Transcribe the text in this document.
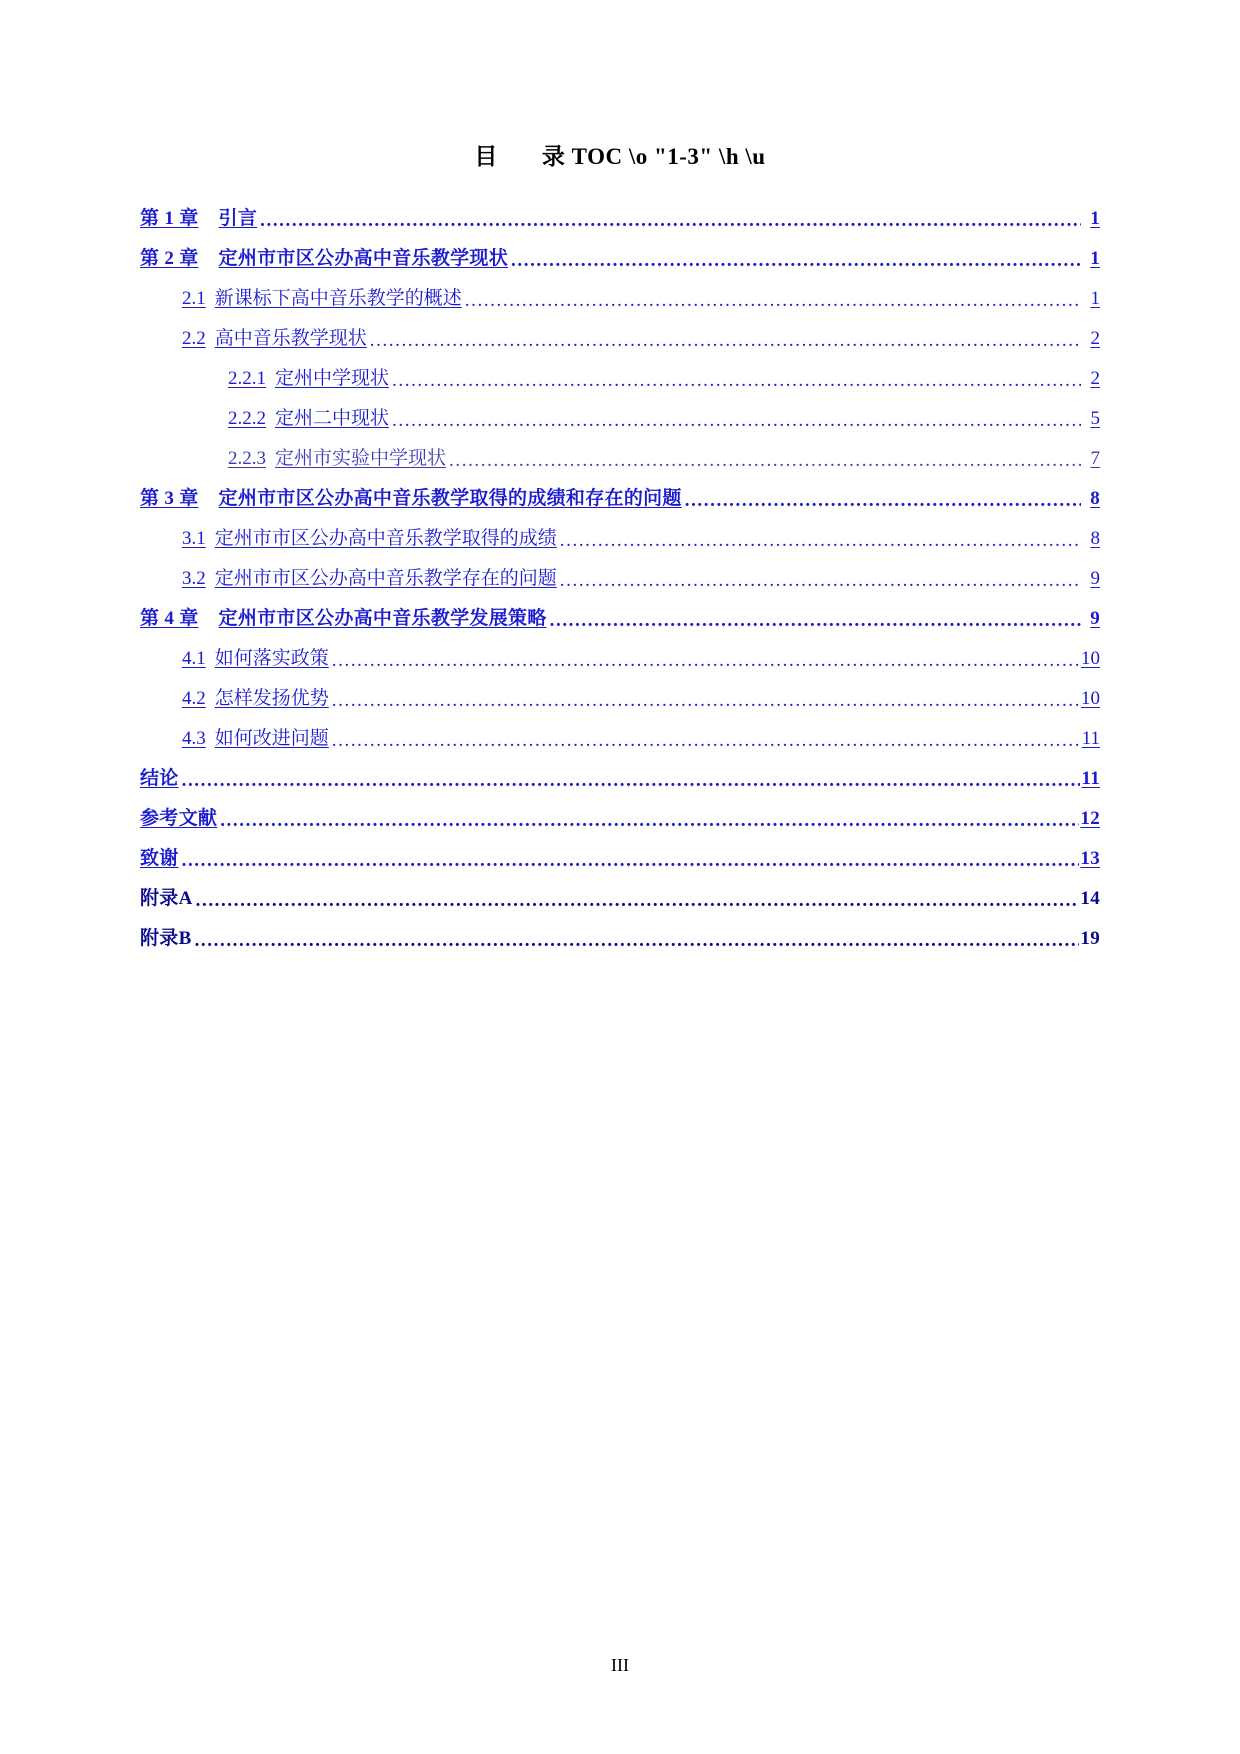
目 录 TOC \o "1-3" \h \u
第 1 章 引言 .....	1
第 2 章 定州市市区公办高中音乐教学现状 .....	1
2.1 新课标下高中音乐教学的概述 .....	1
2.2 高中音乐教学现状 .....	2
2.2.1 定州中学现状 .....	2
2.2.2 定州二中现状 .....	5
2.2.3 定州市实验中学现状 .....	7
第 3 章 定州市市区公办高中音乐教学取得的成绩和存在的问题 .....	8
3.1 定州市市区公办高中音乐教学取得的成绩 .....	8
3.2 定州市市区公办高中音乐教学存在的问题 .....	9
第 4 章 定州市市区公办高中音乐教学发展策略 .....	9
4.1 如何落实政策 .....	10
4.2 怎样发扬优势 .....	10
4.3 如何改进问题 .....	11
结论 .....	11
参考文献 .....	12
致谢 .....	13
附录A .....	14
附录B .....	19
III
